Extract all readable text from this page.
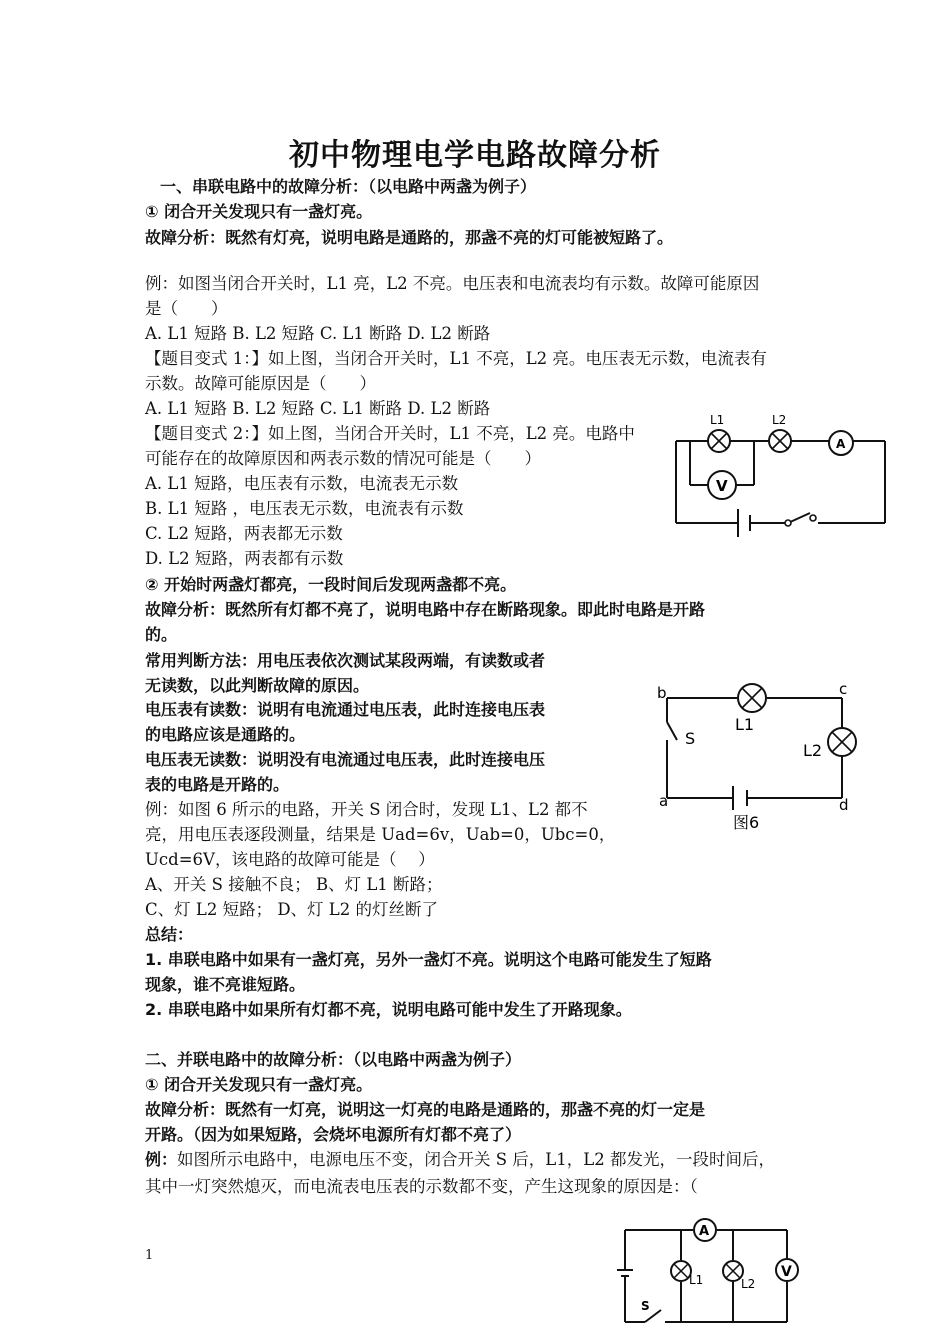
初中物理电学电路故障分析
一、串联电路中的故障分析：（以电路中两盏为例子）
① 闭合开关发现只有一盏灯亮。
故障分析：既然有灯亮，说明电路是通路的，那盏不亮的灯可能被短路了。
例：如图当闭合开关时，L1 亮，L2 不亮。电压表和电流表均有示数。故障可能原因
是（　　）
A. L1 短路 B. L2 短路 C. L1 断路 D. L2 断路
【题目变式 1：】如上图，当闭合开关时，L1 不亮，L2 亮。电压表无示数，电流表有
示数。故障可能原因是（　　）
A. L1 短路 B. L2 短路 C. L1 断路 D. L2 断路
【题目变式 2：】如上图，当闭合开关时，L1 不亮，L2 亮。电路中
可能存在的故障原因和两表示数的情况可能是（　　）
A. L1 短路，电压表有示数，电流表无示数
B. L1 短路 ，电压表无示数，电流表有示数
C. L2 短路，两表都无示数
D. L2 短路，两表都有示数
② 开始时两盏灯都亮，一段时间后发现两盏都不亮。
故障分析：既然所有灯都不亮了，说明电路中存在断路现象。即此时电路是开路
的。
常用判断方法：用电压表依次测试某段两端，有读数或者
无读数，以此判断故障的原因。
电压表有读数：说明有电流通过电压表，此时连接电压表
的电路应该是通路的。
电压表无读数：说明没有电流通过电压表，此时连接电压
表的电路是开路的。
例：如图 6 所示的电路，开关 S 闭合时，发现 L1、L2 都不
亮，用电压表逐段测量，结果是 Uad=6v，Uab=0，Ubc=0，
Ucd=6V，该电路的故障可能是（　 ）
A、开关 S 接触不良； B、灯 L1 断路；
C、灯 L2 短路； D、灯 L2 的灯丝断了
总结：
1. 串联电路中如果有一盏灯亮，另外一盏灯不亮。说明这个电路可能发生了短路
现象，谁不亮谁短路。
2. 串联电路中如果所有灯都不亮，说明电路可能中发生了开路现象。
二、并联电路中的故障分析：（以电路中两盏为例子）
① 闭合开关发现只有一盏灯亮。
故障分析：既然有一灯亮，说明这一灯亮的电路是通路的，那盏不亮的灯一定是
开路。（因为如果短路，会烧坏电源所有灯都不亮了）
例：如图所示电路中，电源电压不变，闭合开关 S 后，L1，L2 都发光，一段时间后，
其中一灯突然熄灭，而电流表电压表的示数都不变，产生这现象的原因是：（
1
L1	L2
A
V
b	c
a	d
S
L1
L2
图6
A
V
L1	L2
S
